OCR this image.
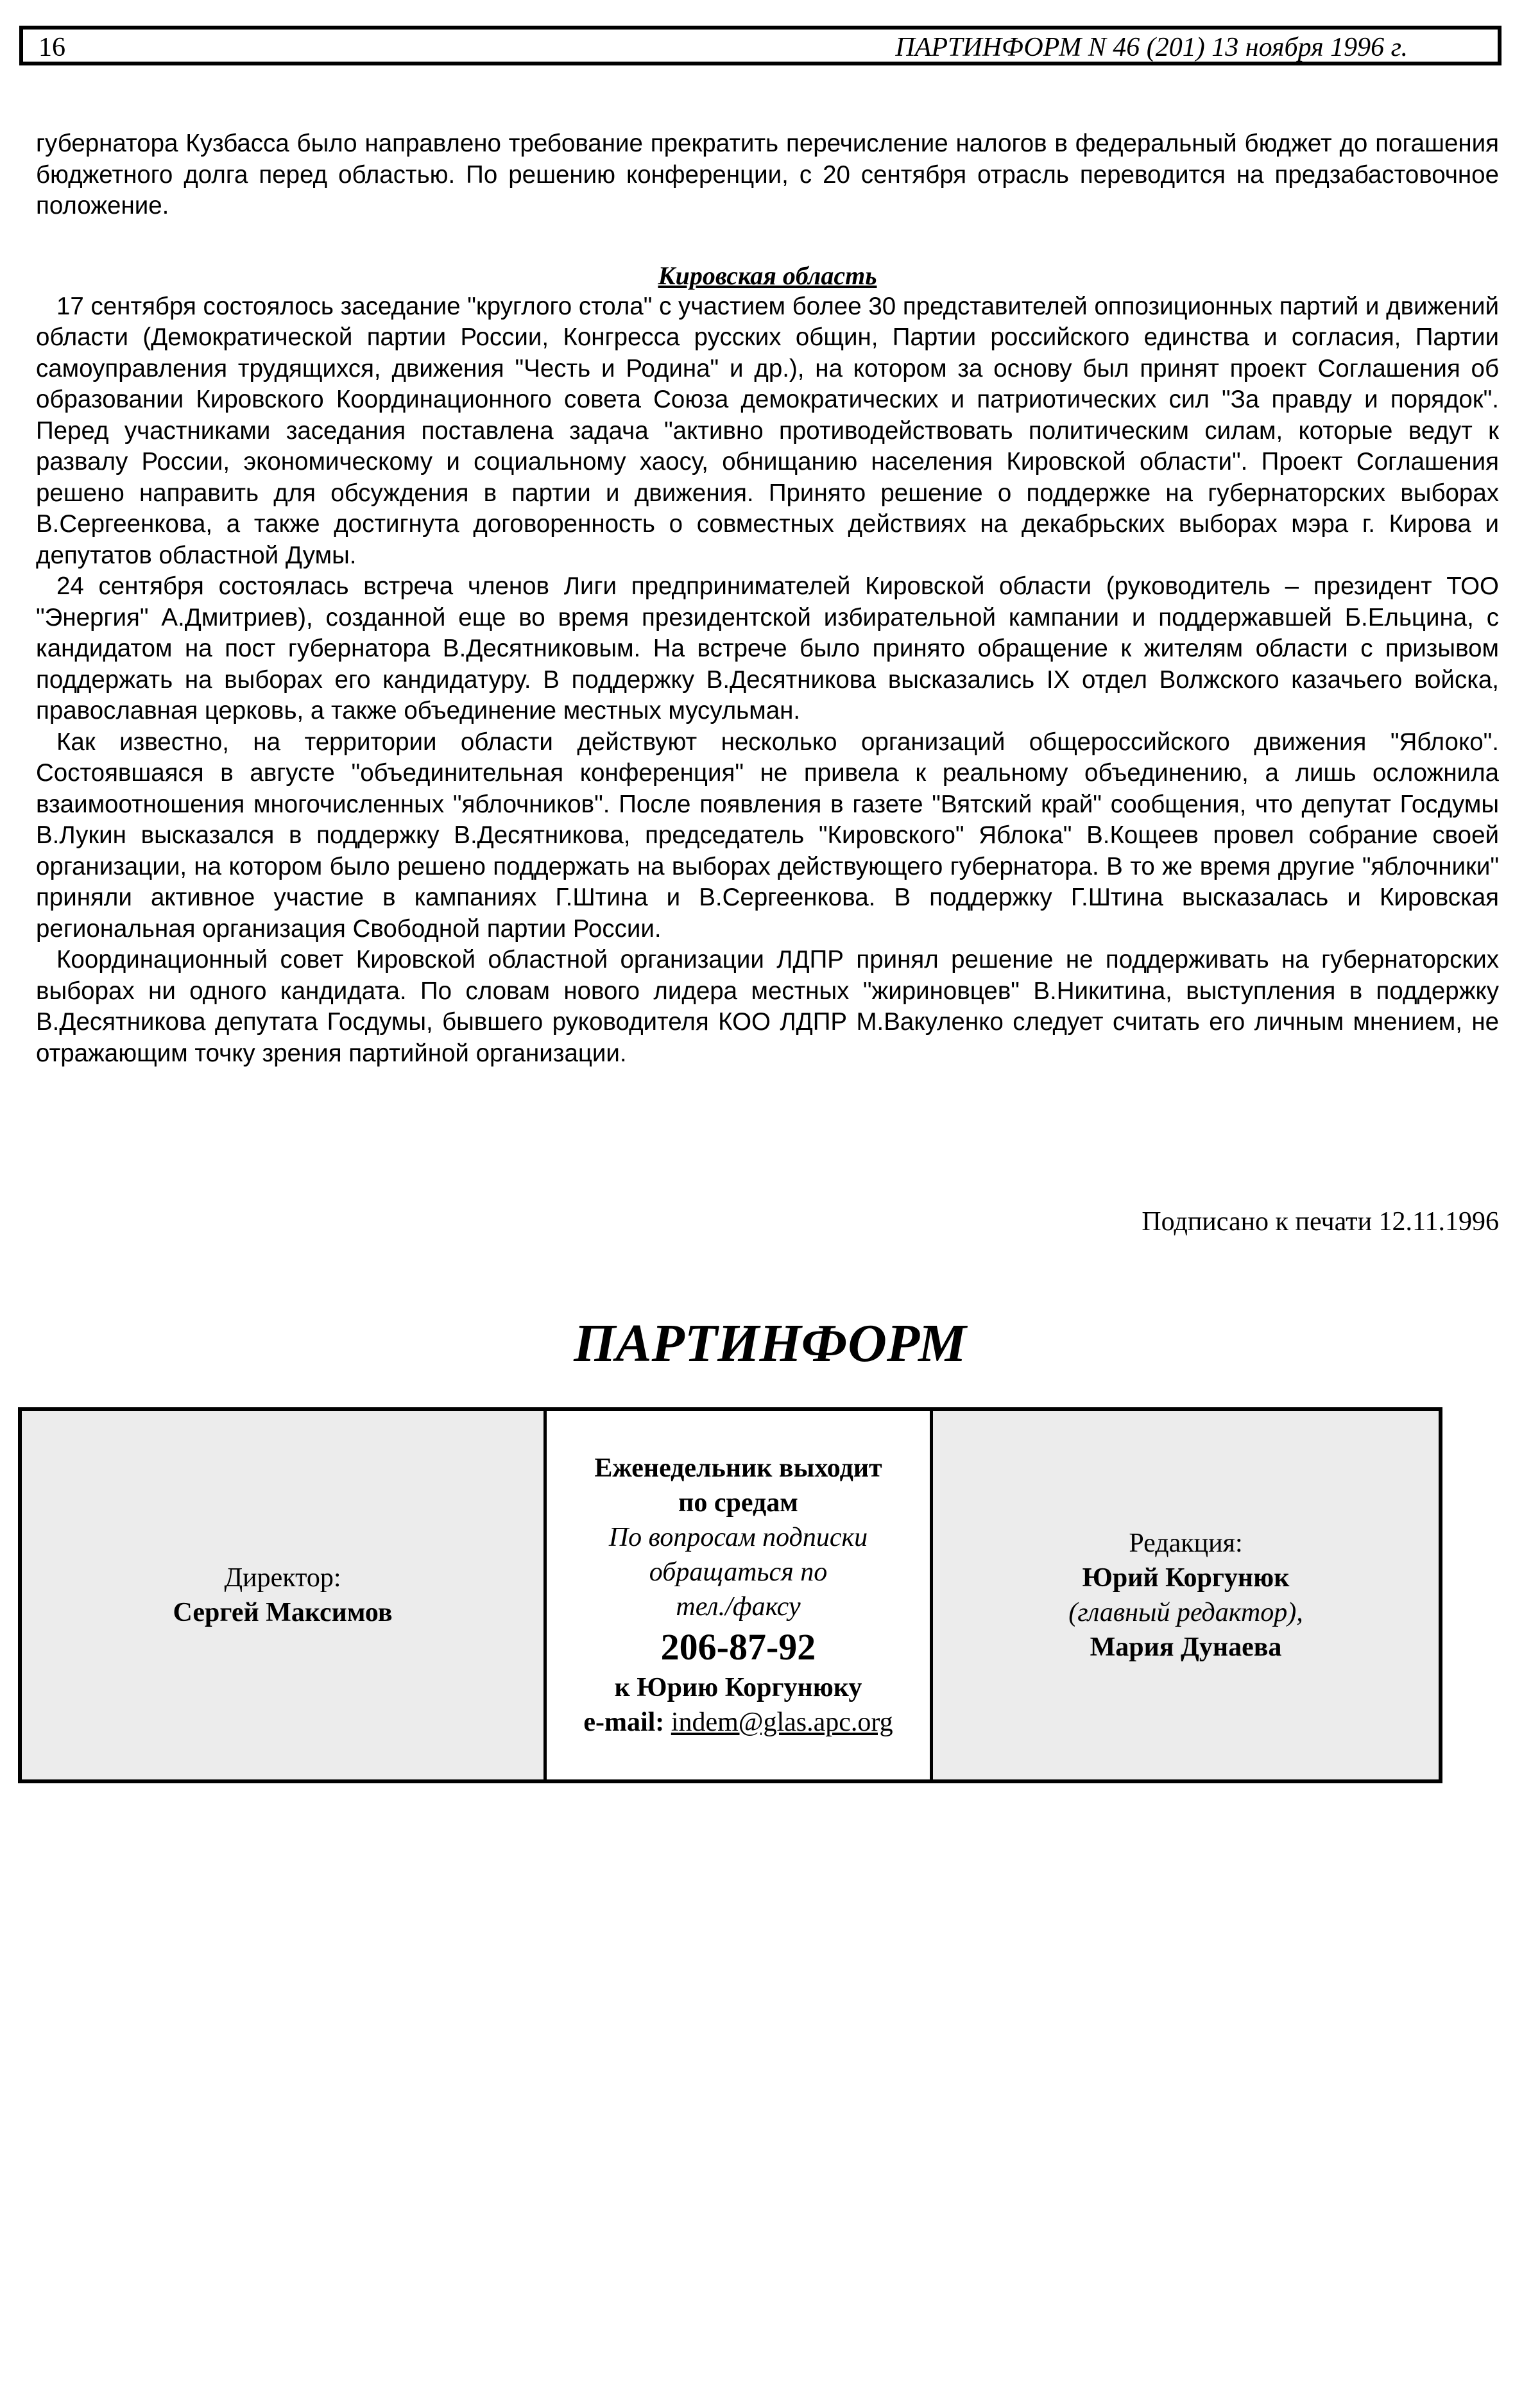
16	ПАРТИНФОРМ N 46 (201) 13 ноября 1996 г.

губернатора Кузбасса было направлено требование прекратить перечисление налогов в федеральный бюджет до погашения бюджетного долга перед областью. По решению конференции, с 20 сентября отрасль переводится на предзабастовочное положение.

Кировская область

17 сентября состоялось заседание "круглого стола" с участием более 30 представителей оппозиционных партий и движений области (Демократической партии России, Конгресса русских общин, Партии российского единства и согласия, Партии самоуправления трудящихся, движения "Честь и Родина" и др.), на котором за основу был принят проект Соглашения об образовании Кировского Координационного совета Союза демократических и патриотических сил "За правду и порядок". Перед участниками заседания поставлена задача "активно противодействовать политическим силам, которые ведут к развалу России, экономическому и социальному хаосу, обнищанию населения Кировской области". Проект Соглашения решено направить для обсуждения в партии и движения. Принято решение о поддержке на губернаторских выборах В.Сергеенкова, а также достигнута договоренность о совместных действиях на декабрьских выборах мэра г. Кирова и депутатов областной Думы.

24 сентября состоялась встреча членов Лиги предпринимателей Кировской области (руководитель – президент ТОО "Энергия" А.Дмитриев), созданной еще во время президентской избирательной кампании и поддержавшей Б.Ельцина, с кандидатом на пост губернатора В.Десятниковым. На встрече было принято обращение к жителям области с призывом поддержать на выборах его кандидатуру. В поддержку В.Десятникова высказались IX отдел Волжского казачьего войска, православная церковь, а также объединение местных мусульман.

Как известно, на территории области действуют несколько организаций общероссийского движения "Яблоко". Состоявшаяся в августе "объединительная конференция" не привела к реальному объединению, а лишь осложнила взаимоотношения многочисленных "яблочников". После появления в газете "Вятский край" сообщения, что депутат Госдумы В.Лукин высказался в поддержку В.Десятникова, председатель "Кировского" Яблока" В.Кощеев провел собрание своей организации, на котором было решено поддержать на выборах действующего губернатора. В то же время другие "яблочники" приняли активное участие в кампаниях Г.Штина и В.Сергеенкова. В поддержку Г.Штина высказалась и Кировская региональная организация Свободной партии России.

Координационный совет Кировской областной организации ЛДПР принял решение не поддерживать на губернаторских выборах ни одного кандидата. По словам нового лидера местных "жириновцев" В.Никитина, выступления в поддержку В.Десятникова депутата Госдумы, бывшего руководителя КОО ЛДПР М.Вакуленко следует считать его личным мнением, не отражающим точку зрения партийной организации.

Подписано к печати 12.11.1996
ПАРТИНФОРМ
Директор:
Сергей Максимов
Еженедельник выходит
по средам
По вопросам подписки
обращаться по
тел./факсу
206-87-92
к Юрию Коргунюку
e-mail: indem@glas.apc.org
Редакция:
Юрий Коргунюк
(главный редактор),
Мария Дунаева
